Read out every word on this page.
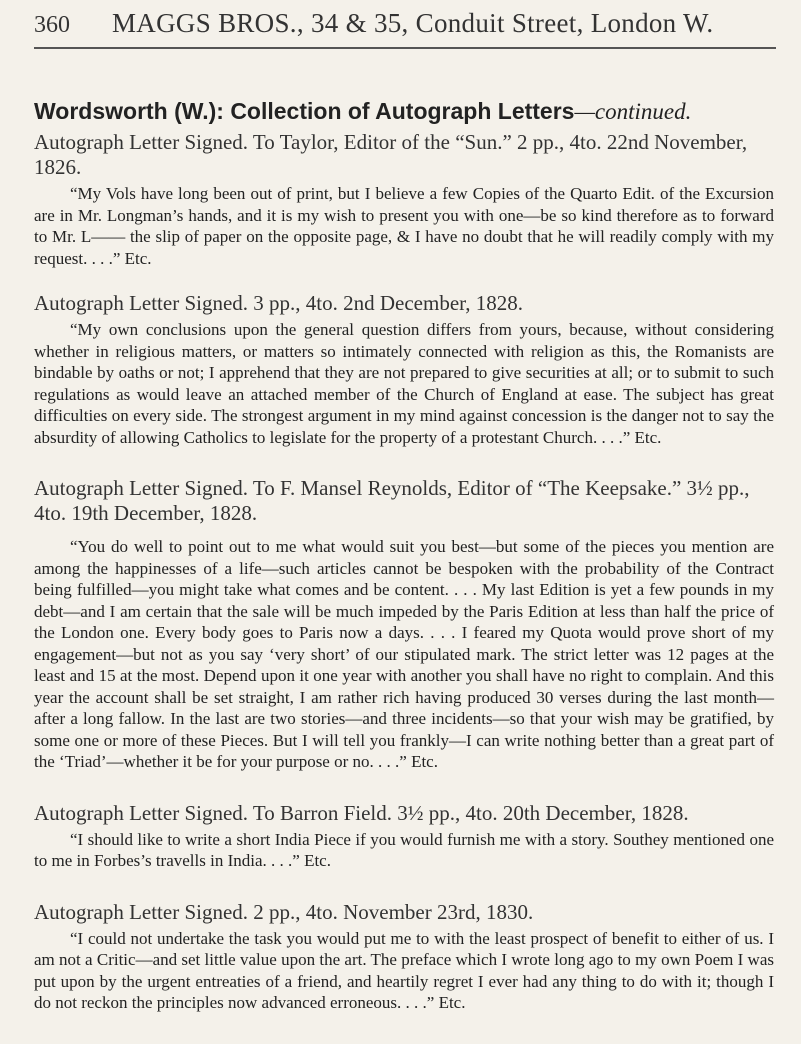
360 MAGGS BROS., 34 & 35, Conduit Street, London W.
Wordsworth (W.): Collection of Autograph Letters—continued.

Autograph Letter Signed. To Taylor, Editor of the “Sun.” 2 pp., 4to. 22nd November, 1826.

“My Vols have long been out of print, but I believe a few Copies of the Quarto Edit. of the Excursion are in Mr. Longman’s hands, and it is my wish to present you with one—be so kind therefore as to forward to Mr. L—— the slip of paper on the opposite page, & I have no doubt that he will readily comply with my request. . . .” Etc.

Autograph Letter Signed. 3 pp., 4to. 2nd December, 1828.

“My own conclusions upon the general question differs from yours, because, without considering whether in religious matters, or matters so intimately connected with religion as this, the Romanists are bindable by oaths or not; I apprehend that they are not prepared to give securities at all; or to submit to such regulations as would leave an attached member of the Church of England at ease. The subject has great difficulties on every side. The strongest argument in my mind against concession is the danger not to say the absurdity of allowing Catholics to legislate for the property of a protestant Church. . . .” Etc.

Autograph Letter Signed. To F. Mansel Reynolds, Editor of “The Keepsake.” 3½ pp., 4to. 19th December, 1828.

“You do well to point out to me what would suit you best—but some of the pieces you mention are among the happinesses of a life—such articles cannot be bespoken with the probability of the Contract being fulfilled—you might take what comes and be content. . . . My last Edition is yet a few pounds in my debt—and I am certain that the sale will be much impeded by the Paris Edition at less than half the price of the London one. Every body goes to Paris now a days. . . . I feared my Quota would prove short of my engagement—but not as you say ‘very short’ of our stipulated mark. The strict letter was 12 pages at the least and 15 at the most. Depend upon it one year with another you shall have no right to complain. And this year the account shall be set straight, I am rather rich having produced 30 verses during the last month—after a long fallow. In the last are two stories—and three incidents—so that your wish may be gratified, by some one or more of these Pieces. But I will tell you frankly—I can write nothing better than a great part of the ‘Triad’—whether it be for your purpose or no. . . .” Etc.

Autograph Letter Signed. To Barron Field. 3½ pp., 4to. 20th December, 1828.

“I should like to write a short India Piece if you would furnish me with a story. Southey mentioned one to me in Forbes’s travells in India. . . .” Etc.

Autograph Letter Signed. 2 pp., 4to. November 23rd, 1830.

“I could not undertake the task you would put me to with the least prospect of benefit to either of us. I am not a Critic—and set little value upon the art. The preface which I wrote long ago to my own Poem I was put upon by the urgent entreaties of a friend, and heartily regret I ever had any thing to do with it; though I do not reckon the principles now advanced erroneous. . . .” Etc.
